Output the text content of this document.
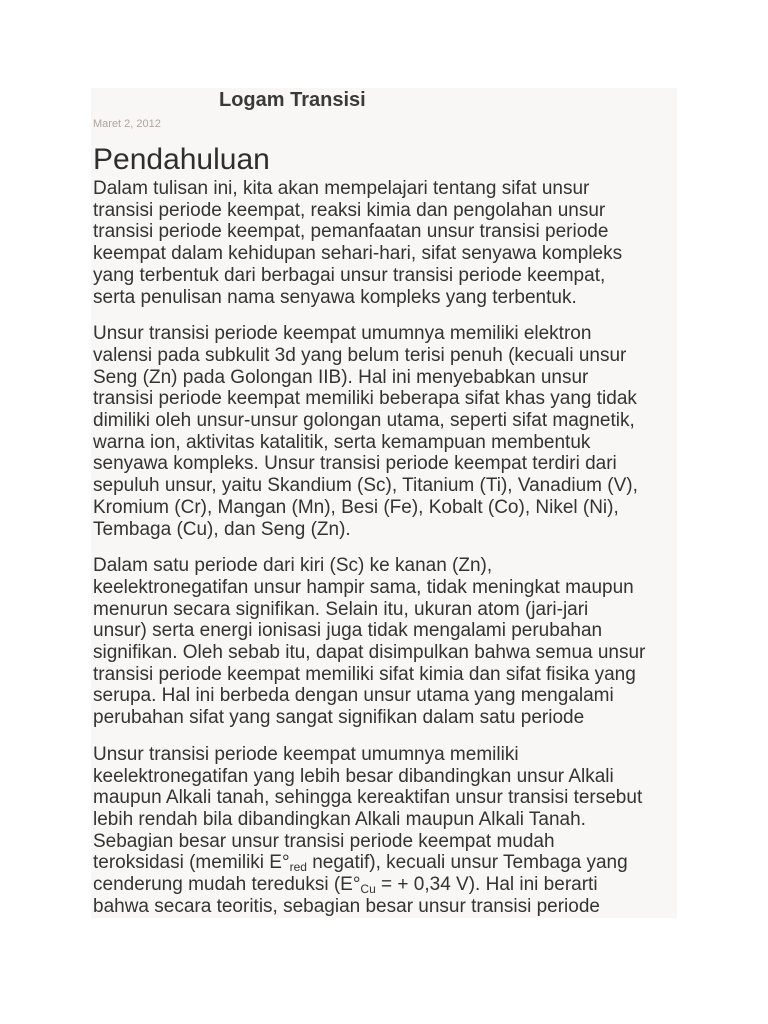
Logam Transisi
Maret 2, 2012
Pendahuluan

Dalam tulisan ini, kita akan mempelajari tentang sifat unsur
transisi periode keempat, reaksi kimia dan pengolahan unsur
transisi periode keempat, pemanfaatan unsur transisi periode
keempat dalam kehidupan sehari-hari, sifat senyawa kompleks
yang terbentuk dari berbagai unsur transisi periode keempat,
serta penulisan nama senyawa kompleks yang terbentuk.

Unsur transisi periode keempat umumnya memiliki elektron
valensi pada subkulit 3d yang belum terisi penuh (kecuali unsur
Seng (Zn) pada Golongan IIB). Hal ini menyebabkan unsur
transisi periode keempat memiliki beberapa sifat khas yang tidak
dimiliki oleh unsur-unsur golongan utama, seperti sifat magnetik,
warna ion, aktivitas katalitik, serta kemampuan membentuk
senyawa kompleks. Unsur transisi periode keempat terdiri dari
sepuluh unsur, yaitu Skandium (Sc), Titanium (Ti), Vanadium (V),
Kromium (Cr), Mangan (Mn), Besi (Fe), Kobalt (Co), Nikel (Ni),
Tembaga (Cu), dan Seng (Zn).

Dalam satu periode dari kiri (Sc) ke kanan (Zn),
keelektronegatifan unsur hampir sama, tidak meningkat maupun
menurun secara signifikan. Selain itu, ukuran atom (jari-jari
unsur) serta energi ionisasi juga tidak mengalami perubahan
signifikan. Oleh sebab itu, dapat disimpulkan bahwa semua unsur
transisi periode keempat memiliki sifat kimia dan sifat fisika yang
serupa. Hal ini berbeda dengan unsur utama yang mengalami
perubahan sifat yang sangat signifikan dalam satu periode

Unsur transisi periode keempat umumnya memiliki
keelektronegatifan yang lebih besar dibandingkan unsur Alkali
maupun Alkali tanah, sehingga kereaktifan unsur transisi tersebut
lebih rendah bila dibandingkan Alkali maupun Alkali Tanah.
Sebagian besar unsur transisi periode keempat mudah
teroksidasi (memiliki $E^\circ_{red}$ negatif), kecuali unsur Tembaga yang
cenderung mudah tereduksi ($E^\circ_{Cu}$ = + 0,34 V). Hal ini berarti
bahwa secara teoritis, sebagian besar unsur transisi periode
